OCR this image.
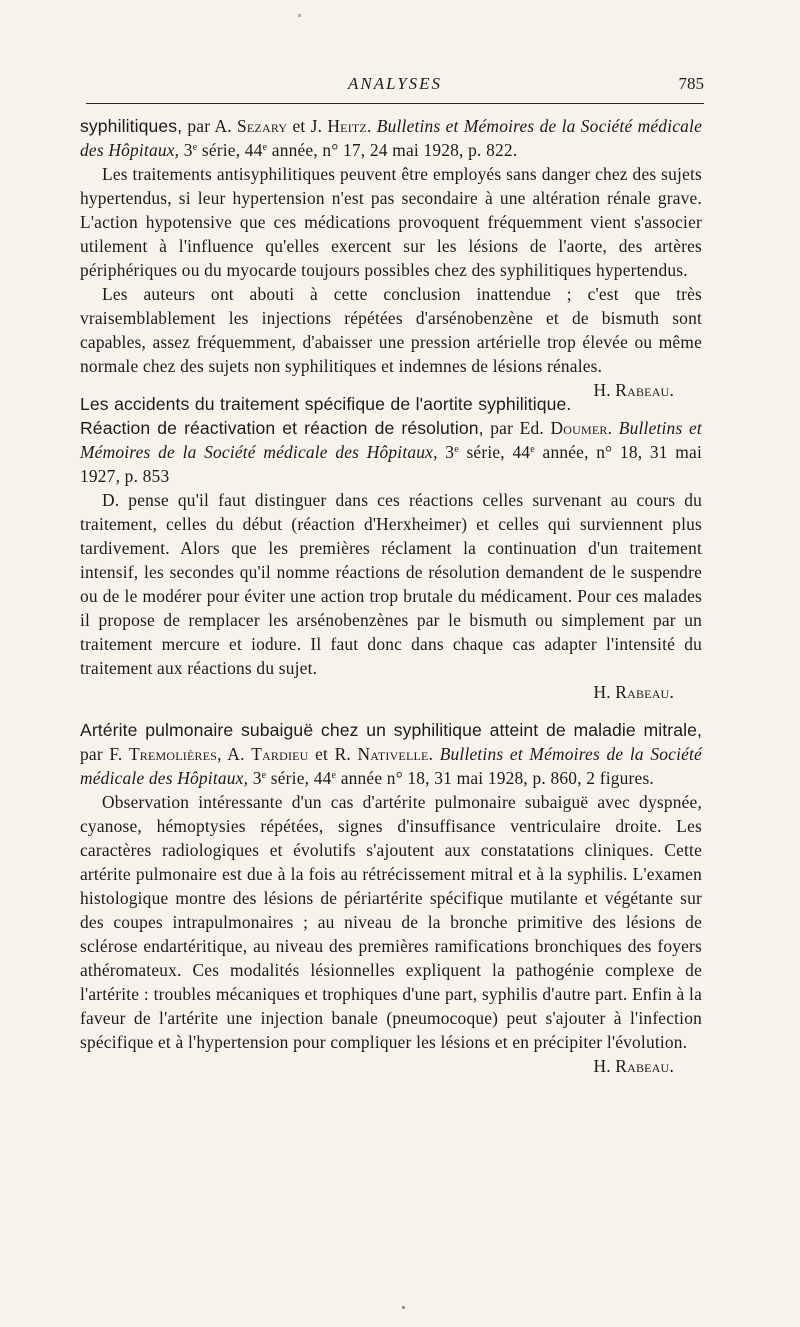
ANALYSES	785
syphilitiques, par A. Sezary et J. Heitz. Bulletins et Mémoires de la Société médicale des Hôpitaux, 3e série, 44e année, n° 17, 24 mai 1928, p. 822.

Les traitements antisyphilitiques peuvent être employés sans danger chez des sujets hypertendus, si leur hypertension n'est pas secondaire à une altération rénale grave. L'action hypotensive que ces médications provoquent fréquemment vient s'associer utilement à l'influence qu'elles exercent sur les lésions de l'aorte, des artères périphériques ou du myocarde toujours possibles chez des syphilitiques hypertendus.

Les auteurs ont abouti à cette conclusion inattendue ; c'est que très vraisemblablement les injections répétées d'arsénobenzène et de bismuth sont capables, assez fréquemment, d'abaisser une pression artérielle trop élevée ou même normale chez des sujets non syphilitiques et indemnes de lésions rénales.
H. Rabeau.

Les accidents du traitement spécifique de l'aortite syphilitique. Réaction de réactivation et réaction de résolution, par Ed. Doumer. Bulletins et Mémoires de la Société médicale des Hôpitaux, 3e série, 44e année, n° 18, 31 mai 1927, p. 853

D. pense qu'il faut distinguer dans ces réactions celles survenant au cours du traitement, celles du début (réaction d'Herxheimer) et celles qui surviennent plus tardivement. Alors que les premières réclament la continuation d'un traitement intensif, les secondes qu'il nomme réactions de résolution demandent de le suspendre ou de le modérer pour éviter une action trop brutale du médicament. Pour ces malades il propose de remplacer les arsénobenzènes par le bismuth ou simplement par un traitement mercure et iodure. Il faut donc dans chaque cas adapter l'intensité du traitement aux réactions du sujet.

H. Rabeau.
Artérite pulmonaire subaiguë chez un syphilitique atteint de maladie mitrale, par F. Tremolières, A. Tardieu et R. Nativelle. Bulletins et Mémoires de la Société médicale des Hôpitaux, 3e série, 44e année n° 18, 31 mai 1928, p. 860, 2 figures.

Observation intéressante d'un cas d'artérite pulmonaire subaiguë avec dyspnée, cyanose, hémoptysies répétées, signes d'insuffisance ventriculaire droite. Les caractères radiologiques et évolutifs s'ajoutent aux constatations cliniques. Cette artérite pulmonaire est due à la fois au rétrécissement mitral et à la syphilis. L'examen histologique montre des lésions de périartérite spécifique mutilante et végétante sur des coupes intrapulmonaires ; au niveau de la bronche primitive des lésions de sclérose endartéritique, au niveau des premières ramifications bronchiques des foyers athéromateux. Ces modalités lésionnelles expliquent la pathogénie complexe de l'artérite : troubles mécaniques et trophiques d'une part, syphilis d'autre part. Enfin à la faveur de l'artérite une injection banale (pneumocoque) peut s'ajouter à l'infection spécifique et à l'hypertension pour compliquer les lésions et en précipiter l'évolution.
H. Rabeau.
